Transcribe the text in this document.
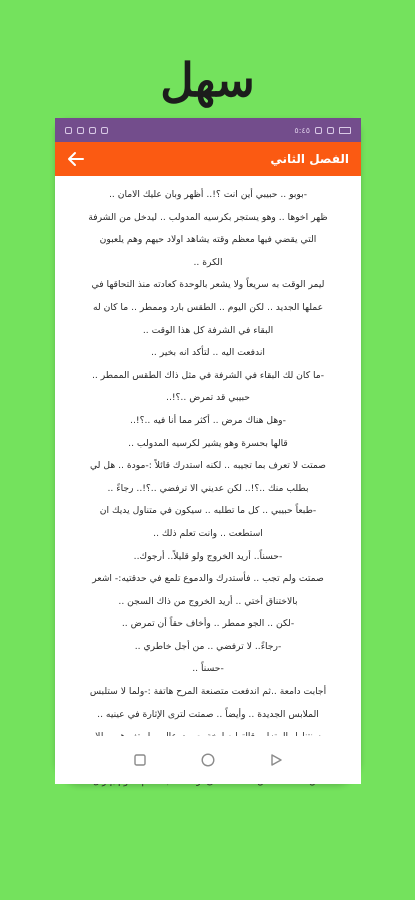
سهل
٥:٤٥
الفصل الثاني

-بوبو .. حبيبي أين انت ؟!.. أظهر وبان عليك الامان ..

ظهر اخوها .. وهو يستجر بكرسيه المدولب .. ليدخل من الشرفة

التي يقضي فيها معظم وقته يشاهد اولاد حيهم وهم يلعبون

الكرة ..

ليمر الوقت به سريعاً ولا يشعر بالوحدة كعادته منذ التحاقها في

عملها الجديد .. لكن اليوم .. الطقس بارد وممطر .. ما كان له

البقاء في الشرفة كل هذا الوقت ..

اندفعت اليه .. لتأكد انه بخير ..

-ما كان لك البقاء في الشرفة في مثل ذاك الطقس الممطر ..

حبيبي قد تمرض ..؟!..

-وهل هناك مرض .. أكثر مما أنا فيه ..؟!..

قالها بحسرة وهو يشير لكرسيه المدولب ..

صمتت لا تعرف بما تجيبه .. لكنه استدرك قائلاً :-مودة .. هل لي

بطلب منك ..؟!.. لكن عديني الا ترفضي ..؟!.. رجاءً ..

-طبعاً حبيبي .. كل ما تطلبه .. سيكون في متناول يديك ان

استطعت .. وانت تعلم ذلك ..

-حسناً.. أريد الخروج ولو قليلاً.. أرجوك..

صمتت ولم تجب .. فأستدرك والدموع تلمع في حدقتيه:- اشعر

بالاختناق أختي .. أريد الخروج من ذاك السجن ..

-لكن .. الجو ممطر .. وأخاف حقاً أن تمرض ..

-رجاءً.. لا ترفضي .. من أجل خاطري ..

-حسناً ..

أجابت دامعة ..ثم اندفعت متصنعة المرح هاتفة :-ولما لا ستلبس

الملابس الجديدة .. وأيضاً .. صمتت لترى الإثارة في عينيه ..
